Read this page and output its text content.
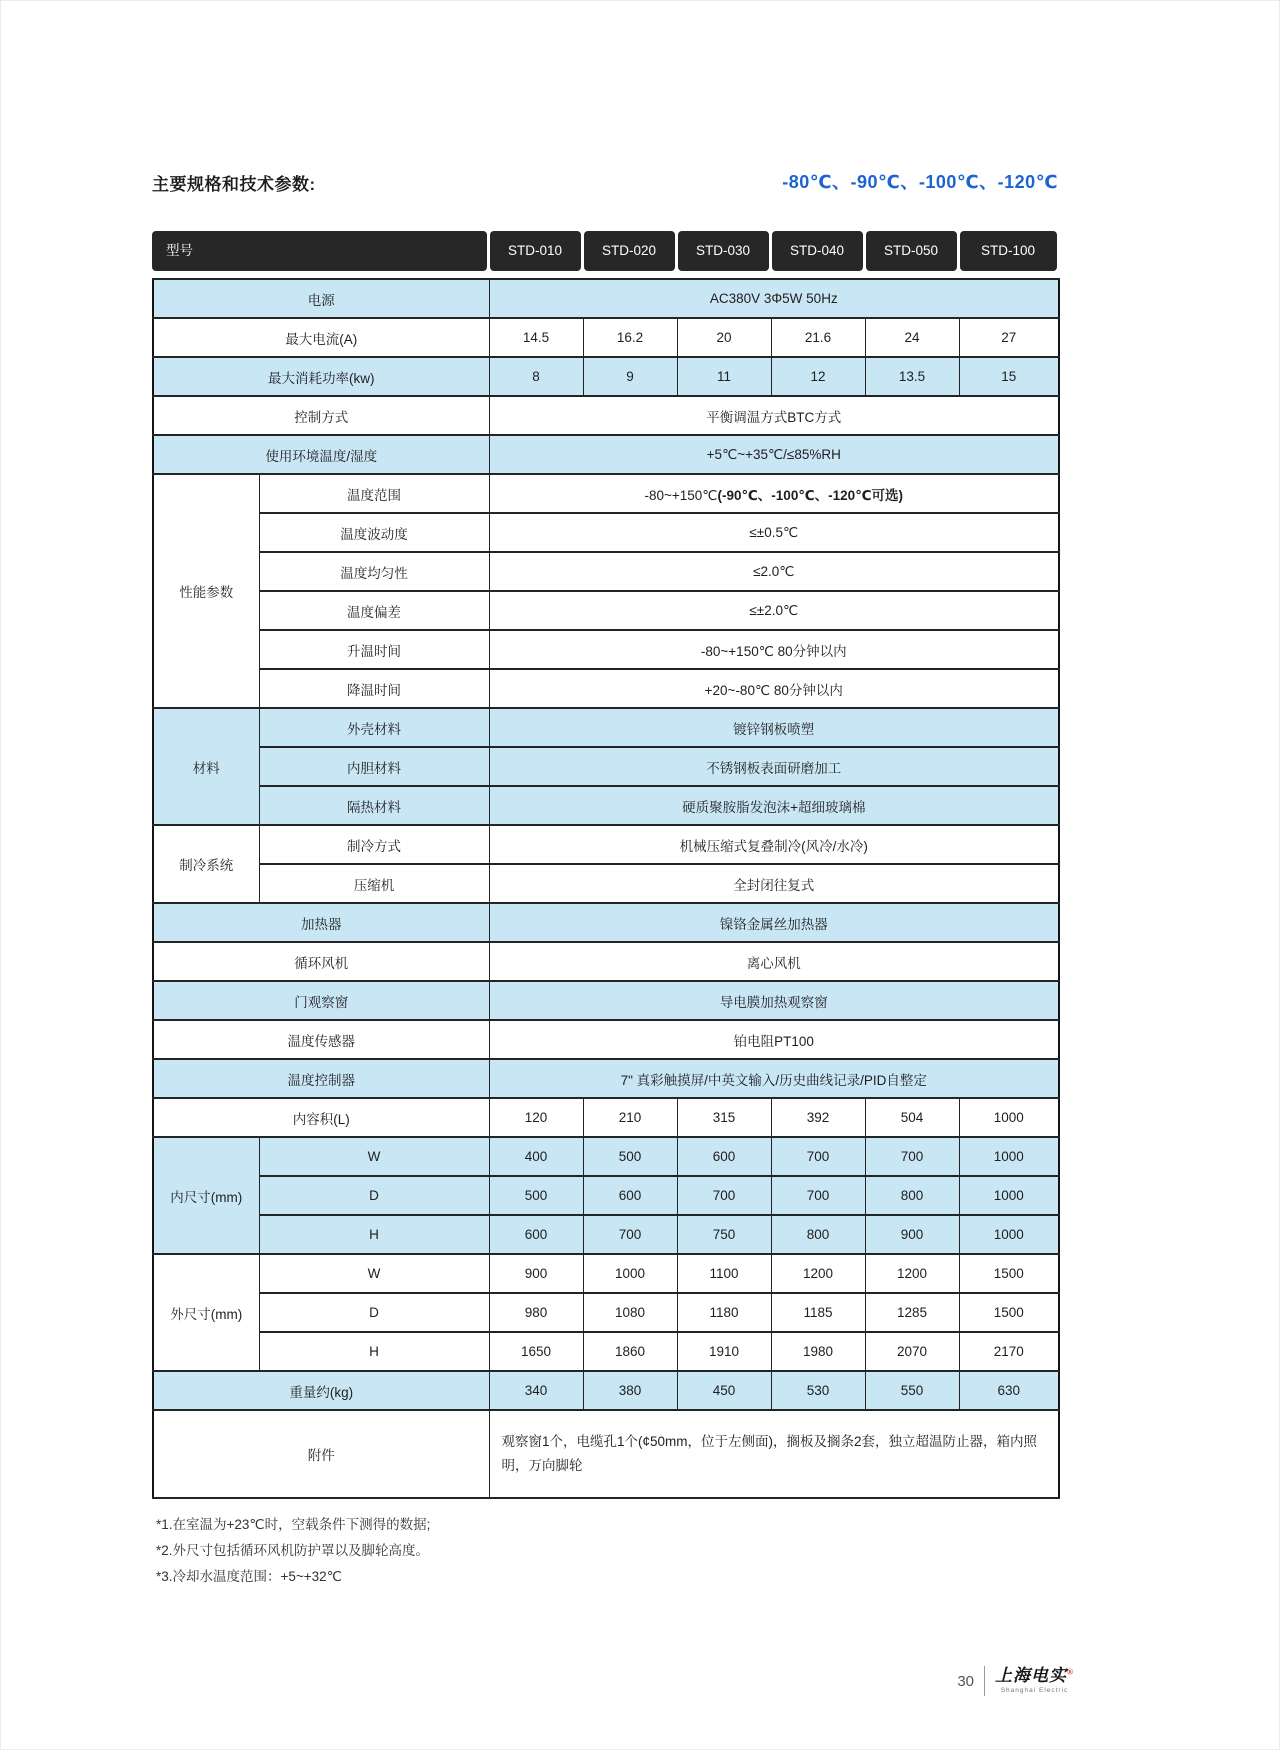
主要规格和技术参数:	-80℃、-90℃、-100℃、-120℃
型号	STD-010	STD-020	STD-030	STD-040	STD-050	STD-100
电源		AC380V 3Φ5W 50Hz					
最大电流(A)		14.5	16.2	20	21.6	24	27
最大消耗功率(kw)		8	9	11	12	13.5	15
控制方式		平衡调温方式BTC方式					
使用环境温度/湿度		+5℃~+35℃/≤85%RH					
性能参数	温度范围	-80~+150℃(-90℃、-100℃、-120℃可选)					
	温度波动度	≤±0.5℃					
	温度均匀性	≤2.0℃					
	温度偏差	≤±2.0℃					
	升温时间	-80~+150℃ 80分钟以内					
	降温时间	+20~-80℃ 80分钟以内					
材料	外壳材料	镀锌钢板喷塑					
	内胆材料	不锈钢板表面研磨加工					
	隔热材料	硬质聚胺脂发泡沫+超细玻璃棉					
制冷系统	制冷方式	机械压缩式复叠制冷(风冷/水冷)					
	压缩机	全封闭往复式					
加热器		镍铬金属丝加热器					
循环风机		离心风机					
门观察窗		导电膜加热观察窗					
温度传感器		铂电阻PT100					
温度控制器		7" 真彩触摸屏/中英文输入/历史曲线记录/PID自整定					
内容积(L)		120	210	315	392	504	1000
内尺寸(mm)	W	400	500	600	700	700	1000
	D	500	600	700	700	800	1000
	H	600	700	750	800	900	1000
外尺寸(mm)	W	900	1000	1100	1200	1200	1500
	D	980	1080	1180	1185	1285	1500
	H	1650	1860	1910	1980	2070	2170
重量约(kg)		340	380	450	530	550	630
附件		观察窗1个，电缆孔1个(¢50mm，位于左侧面)，搁板及搁条2套，独立超温防止器，箱内照明，万向脚轮					

*1.在室温为+23℃时，空载条件下测得的数据;

*2.外尺寸包括循环风机防护罩以及脚轮高度。

*3.冷却水温度范围：+5~+32℃

30 上海电实®
Shanghai Electric
